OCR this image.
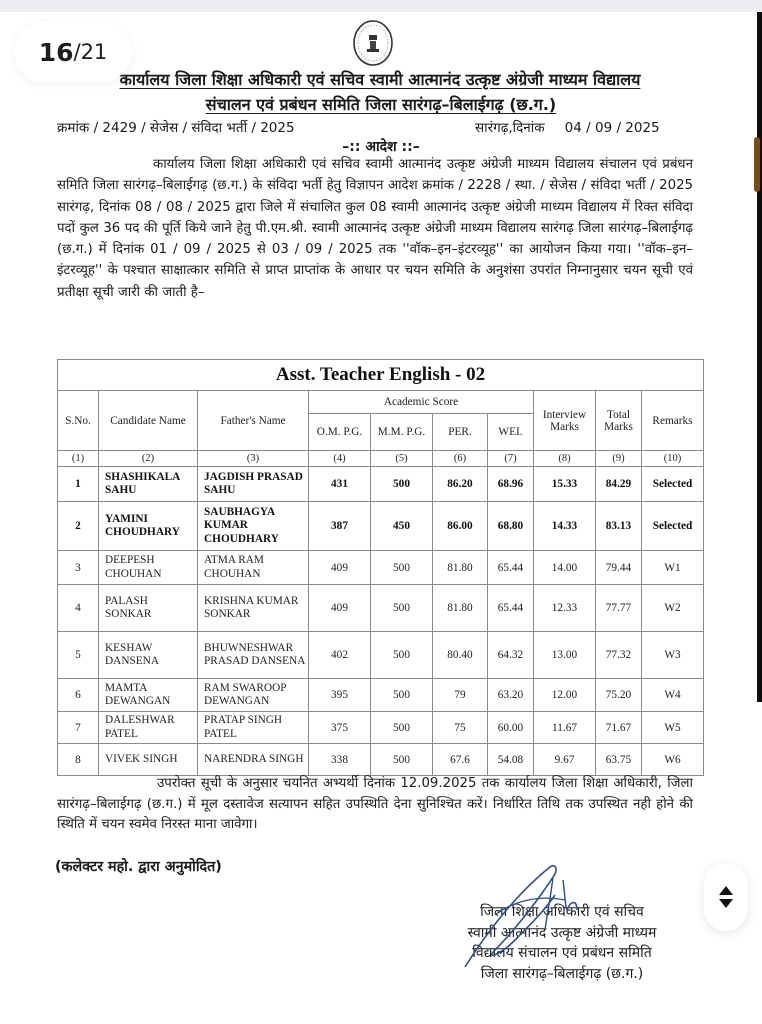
16 / 21
कार्यालय जिला शिक्षा अधिकारी एवं सचिव स्वामी आत्मानंद उत्कृष्ट अंग्रेजी माध्यम विद्यालय
संचालन एवं प्रबंधन समिति जिला सारंगढ़–बिलाईगढ़ (छ.ग.)
क्रमांक / 2429 / सेजेस / संविदा भर्ती / 2025	सारंगढ़,दिनांक 04 / 09 / 2025
–:: आदेश ::–
कार्यालय जिला शिक्षा अधिकारी एवं सचिव स्वामी आत्मानंद उत्कृष्ट अंग्रेजी माध्यम विद्यालय संचालन एवं प्रबंधन समिति जिला सारंगढ़–बिलाईगढ़ (छ.ग.) के संविदा भर्ती हेतु विज्ञापन आदेश क्रमांक / 2228 / स्था. / सेजेस / संविदा भर्ती / 2025 सारंगढ़, दिनांक 08 / 08 / 2025 द्वारा जिले में संचालित कुल 08 स्वामी आत्मानंद उत्कृष्ट अंग्रेजी माध्यम विद्यालय में रिक्त संविदा पदों कुल 36 पद की पूर्ति किये जाने हेतु पी.एम.श्री. स्वामी आत्मानंद उत्कृष्ट अंग्रेजी माध्यम विद्यालय सारंगढ़ जिला सारंगढ़–बिलाईगढ़ (छ.ग.) में दिनांक 01 / 09 / 2025 से 03 / 09 / 2025 तक ''वॉक–इन–इंटरव्यूह'' का आयोजन किया गया। ''वॉक–इन–इंटरव्यूह'' के पश्चात साक्षात्कार समिति से प्राप्त प्राप्तांक के आधार पर चयन समिति के अनुशंसा उपरांत निम्नानुसार चयन सूची एवं प्रतीक्षा सूची जारी की जाती है–
Asst. Teacher English - 02									
S.No.	Candidate Name	Father's Name	Academic Score				Interview Marks	Total Marks	Remarks
			O.M. P.G.	M.M. P.G.	PER.	WEI.			
(1)	(2)	(3)	(4)	(5)	(6)	(7)	(8)	(9)	(10)
1	SHASHIKALA SAHU	JAGDISH PRASAD SAHU	431	500	86.20	68.96	15.33	84.29	Selected
2	YAMINI CHOUDHARY	SAUBHAGYA KUMAR CHOUDHARY	387	450	86.00	68.80	14.33	83.13	Selected
3	DEEPESH CHOUHAN	ATMA RAM CHOUHAN	409	500	81.80	65.44	14.00	79.44	W1
4	PALASH SONKAR	KRISHNA KUMAR SONKAR	409	500	81.80	65.44	12.33	77.77	W2
5	KESHAW DANSENA	BHUWNESHWAR PRASAD DANSENA	402	500	80.40	64.32	13.00	77.32	W3
6	MAMTA DEWANGAN	RAM SWAROOP DEWANGAN	395	500	79	63.20	12.00	75.20	W4
7	DALESHWAR PATEL	PRATAP SINGH PATEL	375	500	75	60.00	11.67	71.67	W5
8	VIVEK SINGH	NARENDRA SINGH	338	500	67.6	54.08	9.67	63.75	W6
उपरोक्त सूची के अनुसार चयनित अभ्यर्थी दिनांक 12.09.2025 तक कार्यालय जिला शिक्षा अधिकारी, जिला सारंगढ़–बिलाईगढ़ (छ.ग.) में मूल दस्तावेज सत्यापन सहित उपस्थिति देना सुनिश्चित करें। निर्धारित तिथि तक उपस्थित नही होने की स्थिति में चयन स्वमेव निरस्त माना जावेगा।
(कलेक्टर महो. द्वारा अनुमोदित)
जिला शिक्षा अधिकारी एवं सचिव
स्वामी आत्मानंद उत्कृष्ट अंग्रेजी माध्यम
विद्यालय संचालन एवं प्रबंधन समिति
जिला सारंगढ़–बिलाईगढ़ (छ.ग.)
